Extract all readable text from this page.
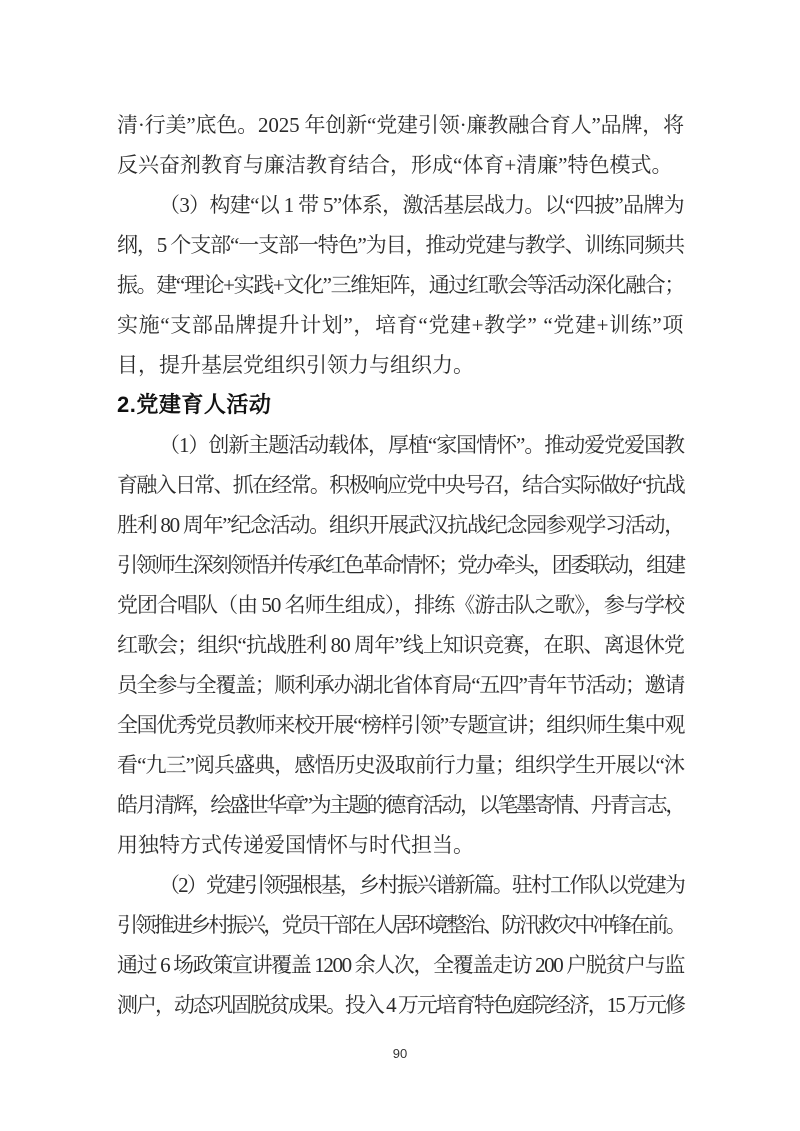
清·行美”底色。2025 年创新“党建引领·廉教融合育人”品牌，将
反兴奋剂教育与廉洁教育结合，形成“体育+清廉”特色模式。
（3）构建“以 1 带 5”体系，激活基层战力。以“四披”品牌为
纲，5 个支部“一支部一特色”为目，推动党建与教学、训练同频共
振。建“理论+实践+文化”三维矩阵，通过红歌会等活动深化融合；
实施“支部品牌提升计划”，培育“党建+教学” “党建+训练”项
目，提升基层党组织引领力与组织力。
2.党建育人活动
（1）创新主题活动载体，厚植“家国情怀”。推动爱党爱国教
育融入日常、抓在经常。积极响应党中央号召，结合实际做好“抗战
胜利 80 周年”纪念活动。组织开展武汉抗战纪念园参观学习活动，
引领师生深刻领悟并传承红色革命情怀；党办牵头，团委联动，组建
党团合唱队（由 50 名师生组成），排练《游击队之歌》，参与学校
红歌会；组织“抗战胜利 80 周年”线上知识竞赛，在职、离退休党
员全参与全覆盖；顺利承办湖北省体育局“五四”青年节活动；邀请
全国优秀党员教师来校开展“榜样引领”专题宣讲；组织师生集中观
看“九三”阅兵盛典，感悟历史汲取前行力量；组织学生开展以“沐
皓月清辉，绘盛世华章”为主题的德育活动，以笔墨寄情、丹青言志，
用独特方式传递爱国情怀与时代担当。
（2）党建引领强根基，乡村振兴谱新篇。驻村工作队以党建为
引领推进乡村振兴，党员干部在人居环境整治、防汛救灾中冲锋在前。
通过 6 场政策宣讲覆盖 1200 余人次，全覆盖走访 200 户脱贫户与监
测户，动态巩固脱贫成果。投入 4 万元培育特色庭院经济，15 万元修
90
